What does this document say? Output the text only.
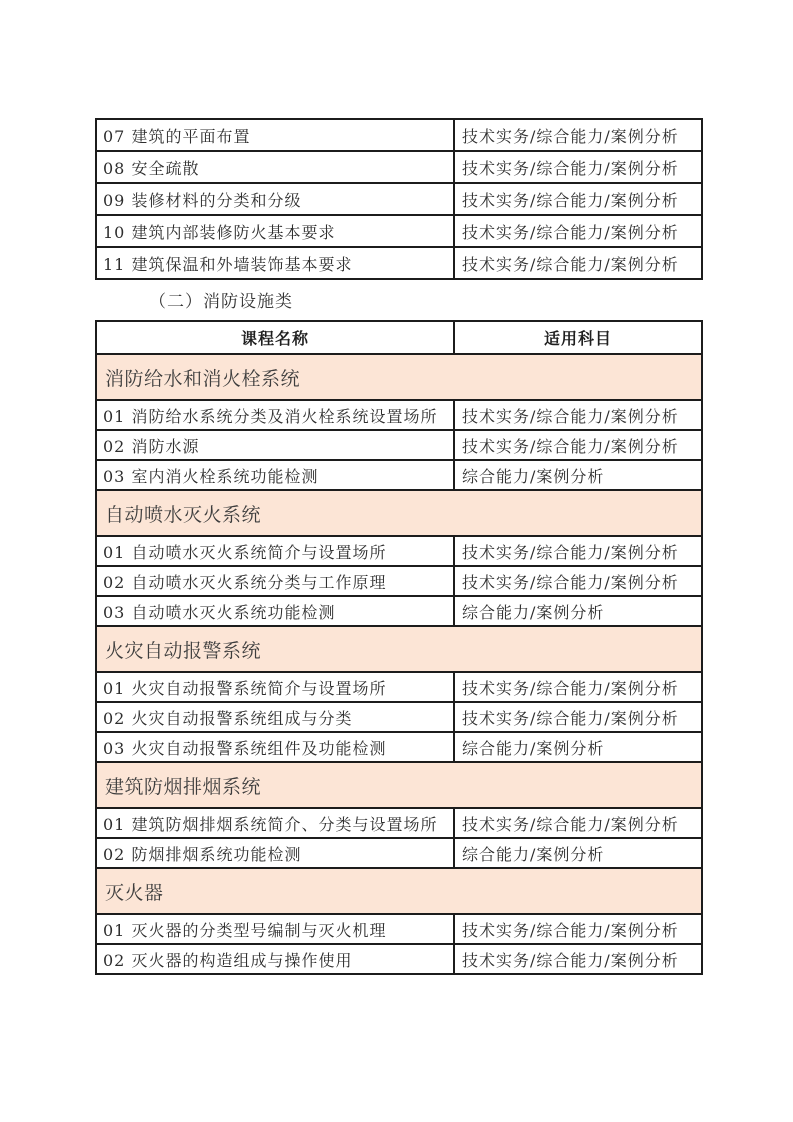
07 建筑的平面布置	技术实务/综合能力/案例分析
08 安全疏散	技术实务/综合能力/案例分析
09 装修材料的分类和分级	技术实务/综合能力/案例分析
10 建筑内部装修防火基本要求	技术实务/综合能力/案例分析
11 建筑保温和外墙装饰基本要求	技术实务/综合能力/案例分析
（二）消防设施类
课程名称	适用科目
消防给水和消火栓系统	
01 消防给水系统分类及消火栓系统设置场所	技术实务/综合能力/案例分析
02 消防水源	技术实务/综合能力/案例分析
03 室内消火栓系统功能检测	综合能力/案例分析
自动喷水灭火系统	
01 自动喷水灭火系统简介与设置场所	技术实务/综合能力/案例分析
02 自动喷水灭火系统分类与工作原理	技术实务/综合能力/案例分析
03 自动喷水灭火系统功能检测	综合能力/案例分析
火灾自动报警系统	
01 火灾自动报警系统简介与设置场所	技术实务/综合能力/案例分析
02 火灾自动报警系统组成与分类	技术实务/综合能力/案例分析
03 火灾自动报警系统组件及功能检测	综合能力/案例分析
建筑防烟排烟系统	
01 建筑防烟排烟系统简介、分类与设置场所	技术实务/综合能力/案例分析
02 防烟排烟系统功能检测	综合能力/案例分析
灭火器	
01 灭火器的分类型号编制与灭火机理	技术实务/综合能力/案例分析
02 灭火器的构造组成与操作使用	技术实务/综合能力/案例分析
